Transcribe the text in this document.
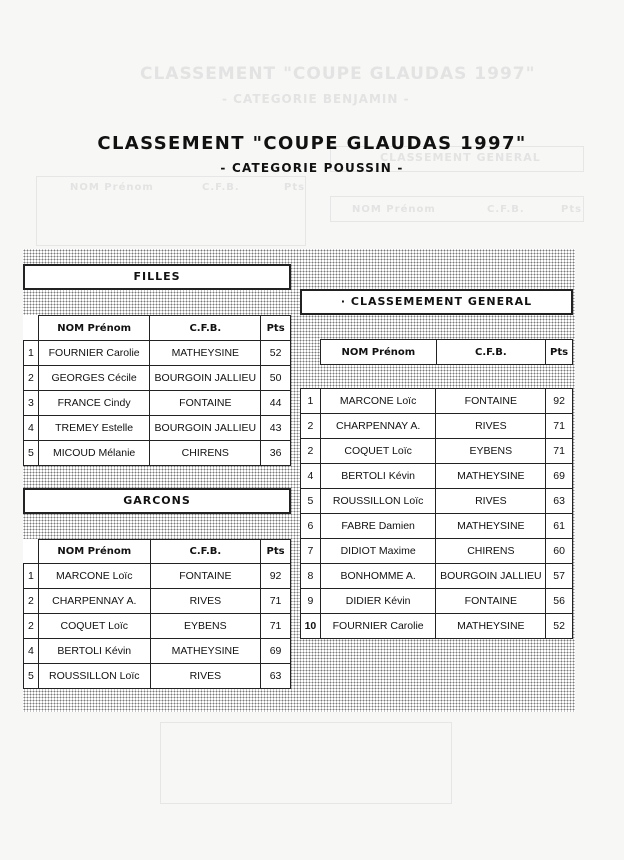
CLASSEMENT "COUPE GLAUDAS 1997"
- CATEGORIE BENJAMIN -
CLASSEMENT GENERAL
NOM Prénom	C.F.B.	Pts
NOM Prénom	C.F.B.	Pts
CLASSEMENT "COUPE GLAUDAS 1997"
- CATEGORIE POUSSIN -
FILLES
	NOM Prénom	C.F.B.	Pts
1	FOURNIER Carolie	MATHEYSINE	52
2	GEORGES Cécile	BOURGOIN JALLIEU	50
3	FRANCE Cindy	FONTAINE	44
4	TREMEY Estelle	BOURGOIN JALLIEU	43
5	MICOUD Mélanie	CHIRENS	36
GARCONS
	NOM Prénom	C.F.B.	Pts
1	MARCONE Loïc	FONTAINE	92
2	CHARPENNAY A.	RIVES	71
2	COQUET Loïc	EYBENS	71
4	BERTOLI Kévin	MATHEYSINE	69
5	ROUSSILLON Loïc	RIVES	63
· CLASSEMEMENT GENERAL
NOM Prénom	C.F.B.	Pts
1	MARCONE Loïc	FONTAINE	92
2	CHARPENNAY A.	RIVES	71
2	COQUET Loïc	EYBENS	71
4	BERTOLI Kévin	MATHEYSINE	69
5	ROUSSILLON Loïc	RIVES	63
6	FABRE Damien	MATHEYSINE	61
7	DIDIOT Maxime	CHIRENS	60
8	BONHOMME A.	BOURGOIN JALLIEU	57
9	DIDIER Kévin	FONTAINE	56
10	FOURNIER Carolie	MATHEYSINE	52
